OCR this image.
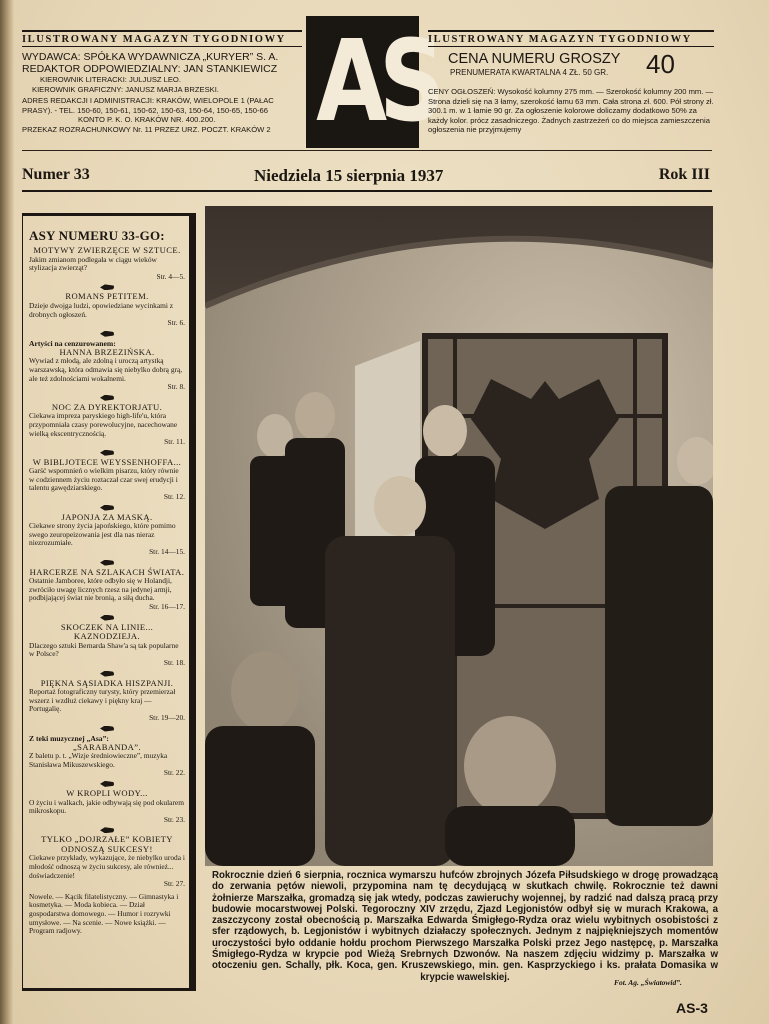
ILUSTROWANY MAGAZYN TYGODNIOWY
WYDAWCA: SPÓŁKA WYDAWNICZA „KURYER” S. A.
REDAKTOR ODPOWIEDZIALNY: JAN STANKIEWICZ
KIEROWNIK LITERACKI: JULJUSZ LEO.
KIEROWNIK GRAFICZNY: JANUSZ MARJA BRZESKI.
ADRES REDAKCJI I ADMINISTRACJI: KRAKÓW, WIELOPOLE 1 (PAŁAC PRASY). - TEL. 150-60, 150-61, 150-62, 150-63, 150-64, 150-65, 150-66
KONTO P. K. O. KRAKÓW NR. 400.200.
PRZEKAZ ROZRACHUNKOWY Nr. 11 PRZEZ URZ. POCZT. KRAKÓW 2 AS
ILUSTROWANY MAGAZYN TYGODNIOWY
CENA NUMERU GROSZY 40
PRENUMERATA KWARTALNA 4 ZŁ. 50 GR.
CENY OGŁOSZEŃ: Wysokość kolumny 275 mm. — Szerokość kolumny 200 mm. — Strona dzieli się na 3 łamy, szerokość łamu 63 mm. Cała strona zł. 600. Pół strony zł. 300.1 m. w 1 łamie 90 gr. Za ogłoszenie kolorowe doliczamy dodatkowo 50% za każdy kolor. prócz zasadniczego. Żadnych zastrzeżeń co do miejsca zamieszczenia ogłoszenia nie przyjmujemy
Numer 33	Niedziela 15 sierpnia 1937	Rok III
ASY NUMERU 33-GO:
MOTYWY ZWIERZĘCE W SZTUCE.
Jakim zmianom podlegała w ciągu wieków stylizacja zwierząt?
Str. 4—5.
ROMANS PETITEM.
Dzieje dwojga ludzi, opowiedziane wycinkami z drobnych ogłoszeń.
Str. 6.
Artyści na cenzurowanem:
HANNA BRZEZIŃSKA.
Wywiad z młodą, ale zdolną i uroczą artystką warszawską, która odmawia się niebylko dobrą grą, ale też zdolnościami wokalnemi.
Str. 8.
NOC ZA DYREKTORJATU.
Ciekawa impreza paryskiego high-life'u, która przypomniała czasy porewolucyjne, nacechowane wielką ekscentrycznością.
Str. 11.
W BIBLJOTECE WEYSSENHOFFA...
Garść wspomnień o wielkim pisarzu, który równie w codziennem życiu roztaczał czar swej erudycji i talentu gawędziarskiego.
Str. 12.
JAPONJA ZA MASKĄ.
Ciekawe strony życia japońskiego, które pomimo swego zeuropeizowania jest dla nas nieraz niezrozumiałe.
Str. 14—15.
HARCERZE NA SZLAKACH ŚWIATA.
Ostatnie Jamboree, które odbyło się w Holandji, zwróciło uwagę licznych rzesz na jedynej armji, podbijającej świat nie bronią, a siłą ducha.
Str. 16—17.
SKOCZEK NA LINIE... KAZNODZIEJA.
Dlaczego sztuki Bernarda Shaw'a są tak popularne w Polsce?
Str. 18.
PIĘKNA SĄSIADKA HISZPANJI.
Reportaż fotograficzny turysty, który przemierzał wszerz i wzdłuż ciekawy i piękny kraj — Portugalię.
Str. 19—20.
Z teki muzycznej „Asa”:
„SARABANDA”.
Z baletu p. t. „Wizje średniowieczne”, muzyka Stanisława Mikuszewskiego.
Str. 22.
W KROPLI WODY...
O życiu i walkach, jakie odbywają się pod okularem mikroskopu.
Str. 23.
TYLKO „DOJRZAŁE” KOBIETY ODNOSZĄ SUKCESY!
Ciekawe przykłady, wykazujące, że niebylko uroda i młodość odnoszą w życiu sukcesy, ale również... doświadczenie!
Str. 27.
Nowele. — Kącik filatelistyczny. — Gimnastyka i kosmetyka. — Moda kobieca. — Dział gospodarstwa domowego. — Humor i rozrywki umysłowe. — Na scenie. — Nowe książki. — Program radjowy.
Rokrocznie dzień 6 sierpnia, rocznica wymarszu hufców zbrojnych Józefa Piłsudskiego w drogę prowadzącą do zerwania pętów niewoli, przypomina nam tę decydującą w skutkach chwilę. Rokrocznie też dawni żołnierze Marszałka, gromadzą się jak wtedy, podczas zawieruchy wojennej, by radzić nad dalszą pracą przy budowie mocarstwowej Polski. Tegoroczny XIV zrzędu, Zjazd Legjonistów odbył się w murach Krakowa, a zaszczycony został obecnością p. Marszałka Edwarda Śmigłego-Rydza oraz wielu wybitnych osobistości z sfer rządowych, b. Legjonistów i wybitnych działaczy społecznych. Jednym z najpiękniejszych momentów uroczystości było oddanie hołdu prochom Pierwszego Marszałka Polski przez Jego następcę, p. Marszałka Śmigłego-Rydza w krypcie pod Wieżą Srebrnych Dzwonów. Na naszem zdjęciu widzimy p. Marszałka w otoczeniu gen. Schally, płk. Koca, gen. Kruszewskiego, min. gen. Kasprzyckiego i ks. prałata Domasika w krypcie wawelskiej.	Fot. Ag. „Światowid”.
AS-3
